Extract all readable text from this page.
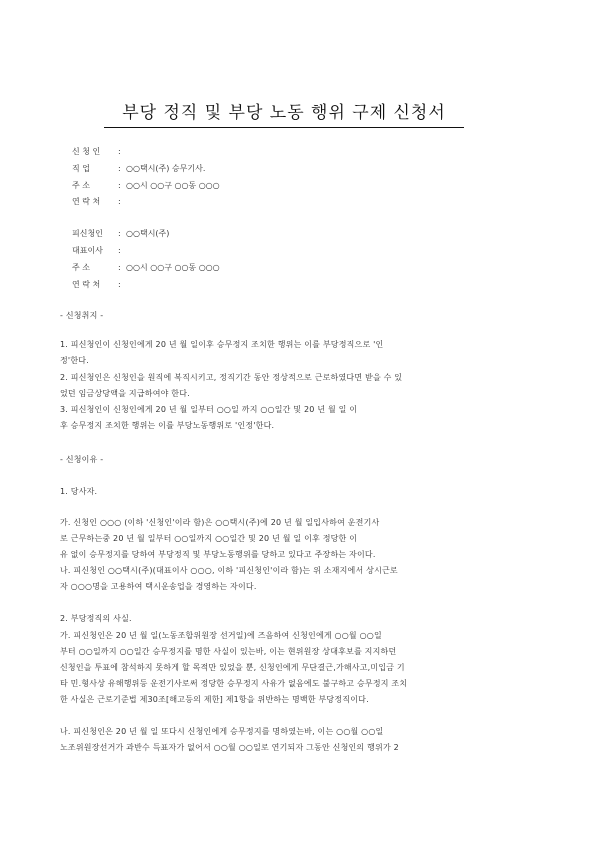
부당 정직 및 부당 노동 행위 구제 신청서
신 청 인 :
직 업	: ○○택시(주) 승무기사.
주 소	: ○○시 ○○구 ○○동 ○○○
연 락 처 :
피신청인 : ○○택시(주)
대표이사 :
주 소	: ○○시 ○○구 ○○동 ○○○
연 락 처 :
- 신청취지 -
1. 피신청인이 신청인에게 20 년 월 일이후 승무정지 조치한 행위는 이를 부당정직으로 '인
정'한다.
2. 피신청인은 신청인을 원직에 복직시키고, 정직기간 동안 정상적으로 근로하였다면 받을 수 있
었던 임금상당액을 지급하여야 한다.
3. 피신청인이 신청인에게 20 년 월 일부터 ○○일 까지 ○○일간 및 20 년 월 일 이
후 승무정지 조치한 행위는 이를 부당노동행위로 '인정'한다.
- 신청이유 -
1. 당사자.
가. 신청인 ○○○ (이하 '신청인'이라 함)은 ○○택시(주)에 20 년 월 일입사하여 운전기사
로 근무하는중 20 년 월 일부터 ○○일까지 ○○일간 및 20 년 월 일 이후 정당한 이
유 없이 승무정지를 당하여 부당정직 및 부당노동행위를 당하고 있다고 주장하는 자이다.
나. 피신청인 ○○택시(주)(대표이사 ○○○, 이하 '피신청인'이라 함)는 위 소재지에서 상시근로
자 ○○○명을 고용하여 택시운송업을 경영하는 자이다.
2. 부당정직의 사실.
가. 피신청인은 20 년 월 일(노동조합위원장 선거일)에 즈음하여 신청인에게 ○○월 ○○일
부터 ○○일까지 ○○일간 승무정지를 명한 사실이 있는바, 이는 현위원장 상대후보를 지지하던
신청인을 투표에 참석하지 못하게 할 목적만 있었을 뿐, 신청인에게 무단결근,가해사고,미입금 기
타 민.형사상 유해행위등 운전기사로써 정당한 승무정지 사유가 없음에도 불구하고 승무정지 조치
한 사실은 근로기준법 제30조[해고등의 제한] 제1항을 위반하는 명백한 부당정직이다.
나. 피신청인은 20 년 월 일 또다시 신청인에게 승무정지를 명하였는바, 이는 ○○월 ○○일
노조위원장선거가 과반수 득표자가 없어서 ○○월 ○○일로 연기되자 그동안 신청인의 행위가 2
